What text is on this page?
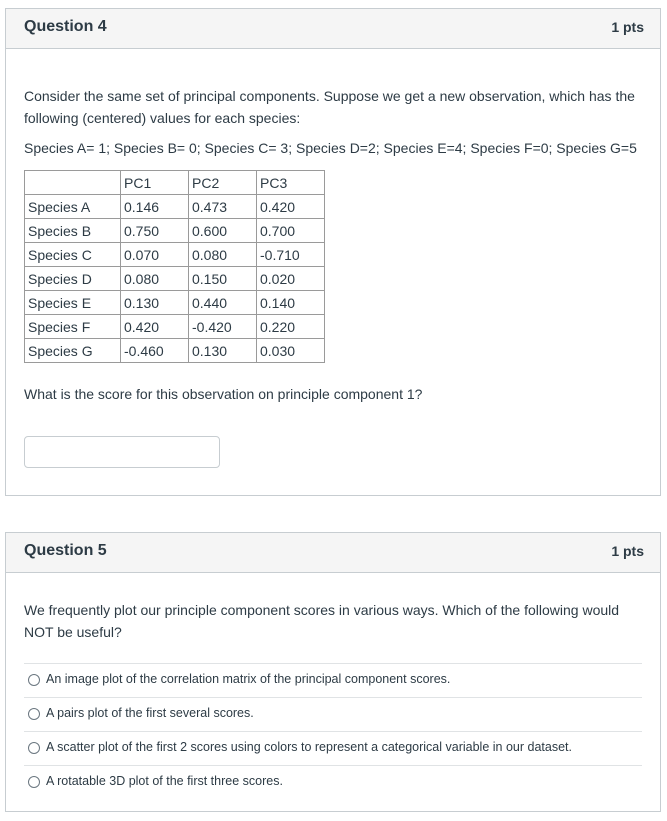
Question 4	1 pts
Consider the same set of principal components. Suppose we get a new observation, which has the following (centered) values for each species:
Species A= 1; Species B= 0; Species C= 3; Species D=2; Species E=4; Species F=0; Species G=5
	PC1	PC2	PC3
Species A	0.146	0.473	0.420
Species B	0.750	0.600	0.700
Species C	0.070	0.080	-0.710
Species D	0.080	0.150	0.020
Species E	0.130	0.440	0.140
Species F	0.420	-0.420	0.220
Species G	-0.460	0.130	0.030
What is the score for this observation on principle component 1?
Question 5	1 pts
We frequently plot our principle component scores in various ways. Which of the following would NOT be useful?
An image plot of the correlation matrix of the principal component scores.
A pairs plot of the first several scores.
A scatter plot of the first 2 scores using colors to represent a categorical variable in our dataset.
A rotatable 3D plot of the first three scores.
